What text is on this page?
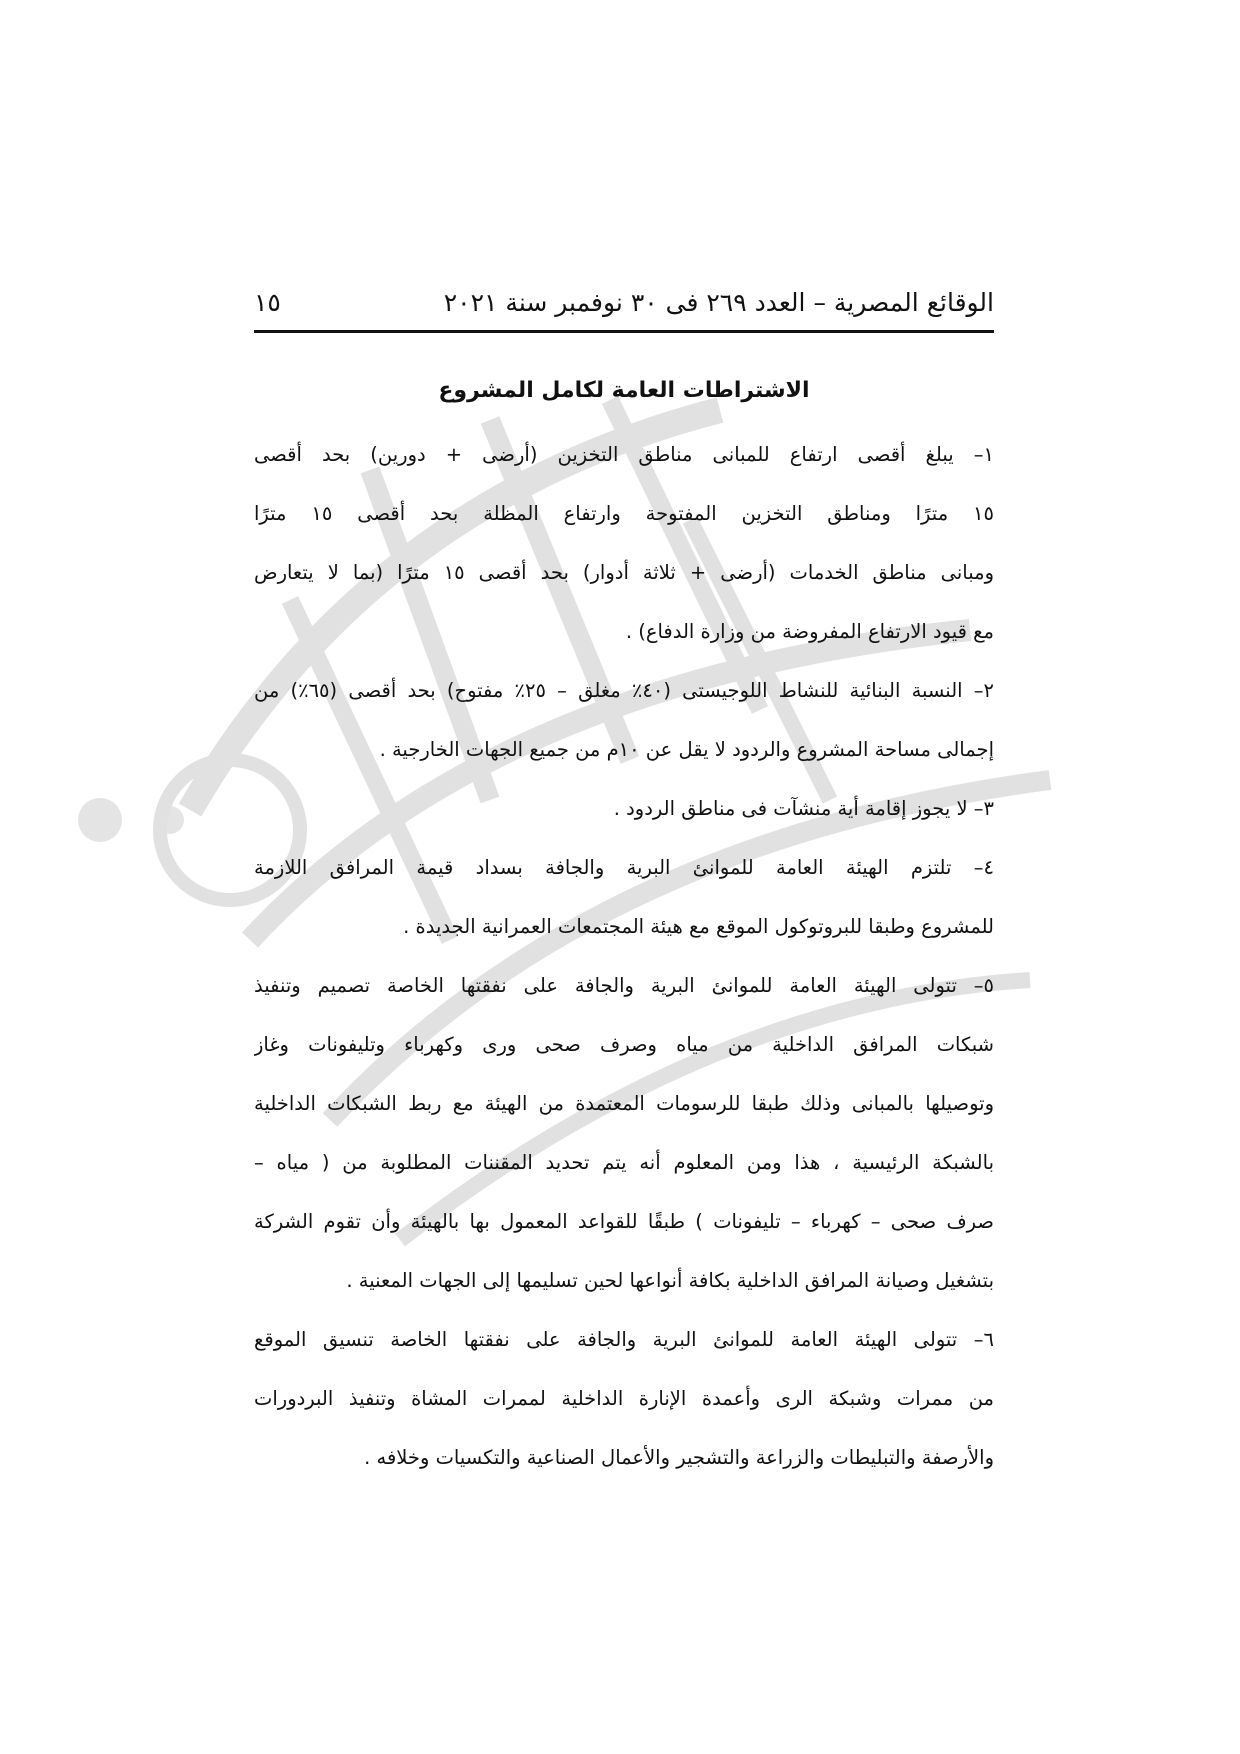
الوقائع المصرية – العدد ٢٦٩ فى ٣٠ نوفمبر سنة ٢٠٢١
١٥
الاشتراطات العامة لكامل المشروع
١– يبلغ أقصى ارتفاع للمبانى مناطق التخزين (أرضى + دورين) بحد أقصى
١٥ مترًا ومناطق التخزين المفتوحة وارتفاع المظلة بحد أقصى ١٥ مترًا
ومبانى مناطق الخدمات (أرضى + ثلاثة أدوار) بحد أقصى ١٥ مترًا (بما لا يتعارض
مع قيود الارتفاع المفروضة من وزارة الدفاع) .
٢– النسبة البنائية للنشاط اللوجيستى (٤٠٪ مغلق – ٢٥٪ مفتوح) بحد أقصى (٦٥٪) من
إجمالى مساحة المشروع والردود لا يقل عن ١٠م من جميع الجهات الخارجية .
٣– لا يجوز إقامة أية منشآت فى مناطق الردود .
٤– تلتزم الهيئة العامة للموانئ البرية والجافة بسداد قيمة المرافق اللازمة
للمشروع وطبقا للبروتوكول الموقع مع هيئة المجتمعات العمرانية الجديدة .
٥– تتولى الهيئة العامة للموانئ البرية والجافة على نفقتها الخاصة تصميم وتنفيذ
شبكات المرافق الداخلية من مياه وصرف صحى ورى وكهرباء وتليفونات وغاز
وتوصيلها بالمبانى وذلك طبقا للرسومات المعتمدة من الهيئة مع ربط الشبكات الداخلية
بالشبكة الرئيسية ، هذا ومن المعلوم أنه يتم تحديد المقننات المطلوبة من ( مياه –
صرف صحى – كهرباء – تليفونات ) طبقًا للقواعد المعمول بها بالهيئة وأن تقوم الشركة
بتشغيل وصيانة المرافق الداخلية بكافة أنواعها لحين تسليمها إلى الجهات المعنية .
٦– تتولى الهيئة العامة للموانئ البرية والجافة على نفقتها الخاصة تنسيق الموقع
من ممرات وشبكة الرى وأعمدة الإنارة الداخلية لممرات المشاة وتنفيذ البردورات
والأرصفة والتبليطات والزراعة والتشجير والأعمال الصناعية والتكسيات وخلافه .
